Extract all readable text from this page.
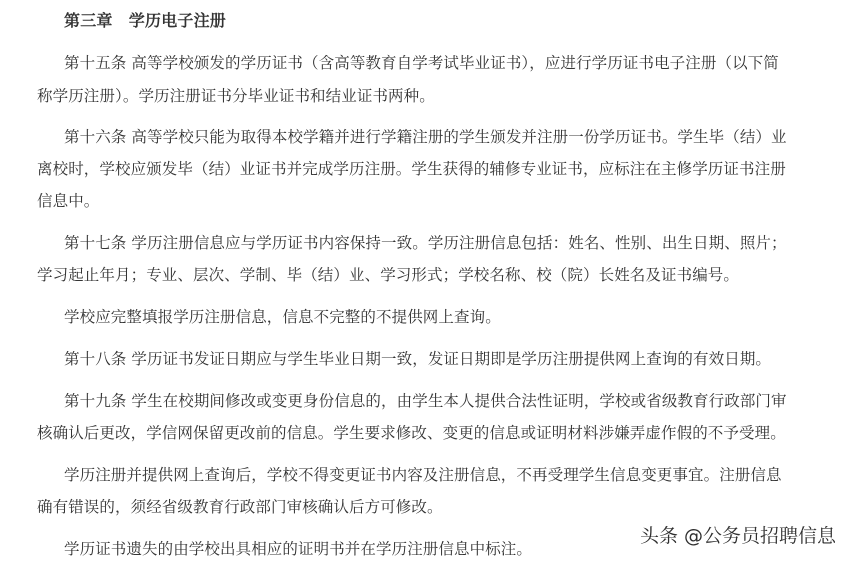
第三章　学历电子注册
第十五条 高等学校颁发的学历证书（含高等教育自学考试毕业证书），应进行学历证书电子注册（以下简
称学历注册）。学历注册证书分毕业证书和结业证书两种。
第十六条 高等学校只能为取得本校学籍并进行学籍注册的学生颁发并注册一份学历证书。学生毕（结）业
离校时，学校应颁发毕（结）业证书并完成学历注册。学生获得的辅修专业证书，应标注在主修学历证书注册
信息中。
第十七条 学历注册信息应与学历证书内容保持一致。学历注册信息包括：姓名、性别、出生日期、照片；
学习起止年月；专业、层次、学制、毕（结）业、学习形式；学校名称、校（院）长姓名及证书编号。
学校应完整填报学历注册信息，信息不完整的不提供网上查询。
第十八条 学历证书发证日期应与学生毕业日期一致，发证日期即是学历注册提供网上查询的有效日期。
第十九条 学生在校期间修改或变更身份信息的，由学生本人提供合法性证明，学校或省级教育行政部门审
核确认后更改，学信网保留更改前的信息。学生要求修改、变更的信息或证明材料涉嫌弄虚作假的不予受理。
学历注册并提供网上查询后，学校不得变更证书内容及注册信息，不再受理学生信息变更事宜。注册信息
确有错误的，须经省级教育行政部门审核确认后方可修改。
学历证书遗失的由学校出具相应的证明书并在学历注册信息中标注。
头条 @公务员招聘信息
